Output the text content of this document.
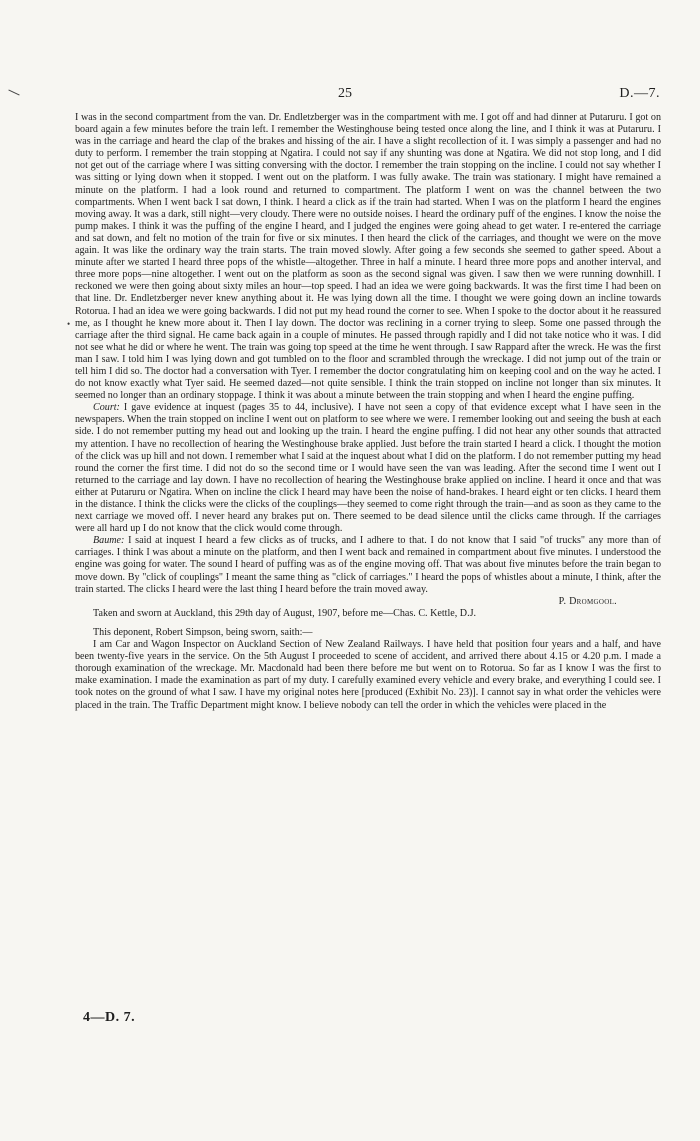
25	D.—7.
•

I was in the second compartment from the van. Dr. Endletzberger was in the compartment with me. I got off and had dinner at Putaruru. I got on board again a few minutes before the train left. I remember the Westinghouse being tested once along the line, and I think it was at Putaruru. I was in the carriage and heard the clap of the brakes and hissing of the air. I have a slight recollection of it. I was simply a passenger and had no duty to perform. I remember the train stopping at Ngatira. I could not say if any shunting was done at Ngatira. We did not stop long, and I did not get out of the carriage where I was sitting conversing with the doctor. I remember the train stopping on the incline. I could not say whether I was sitting or lying down when it stopped. I went out on the platform. I was fully awake. The train was stationary. I might have remained a minute on the platform. I had a look round and returned to compartment. The platform I went on was the channel between the two compartments. When I went back I sat down, I think. I heard a click as if the train had started. When I was on the platform I heard the engines moving away. It was a dark, still night—very cloudy. There were no outside noises. I heard the ordinary puff of the engines. I know the noise the pump makes. I think it was the puffing of the engine I heard, and I judged the engines were going ahead to get water. I re-entered the carriage and sat down, and felt no motion of the train for five or six minutes. I then heard the click of the carriages, and thought we were on the move again. It was like the ordinary way the train starts. The train moved slowly. After going a few seconds she seemed to gather speed. About a minute after we started I heard three pops of the whistle—altogether. Three in half a minute. I heard three more pops and another interval, and three more pops—nine altogether. I went out on the platform as soon as the second signal was given. I saw then we were running downhill. I reckoned we were then going about sixty miles an hour—top speed. I had an idea we were going backwards. It was the first time I had been on that line. Dr. Endletzberger never knew anything about it. He was lying down all the time. I thought we were going down an incline towards Rotorua. I had an idea we were going backwards. I did not put my head round the corner to see. When I spoke to the doctor about it he reassured me, as I thought he knew more about it. Then I lay down. The doctor was reclining in a corner trying to sleep. Some one passed through the carriage after the third signal. He came back again in a couple of minutes. He passed through rapidly and I did not take notice who it was. I did not see what he did or where he went. The train was going top speed at the time he went through. I saw Rappard after the wreck. He was the first man I saw. I told him I was lying down and got tumbled on to the floor and scrambled through the wreckage. I did not jump out of the train or tell him I did so. The doctor had a conversation with Tyer. I remember the doctor congratulating him on keeping cool and on the way he acted. I do not know exactly what Tyer said. He seemed dazed—not quite sensible. I think the train stopped on incline not longer than six minutes. It seemed no longer than an ordinary stoppage. I think it was about a minute between the train stopping and when I heard the engine puffing.

Court: I gave evidence at inquest (pages 35 to 44, inclusive). I have not seen a copy of that evidence except what I have seen in the newspapers. When the train stopped on incline I went out on platform to see where we were. I remember looking out and seeing the bush at each side. I do not remember putting my head out and looking up the train. I heard the engine puffing. I did not hear any other sounds that attracted my attention. I have no recollection of hearing the Westinghouse brake applied. Just before the train started I heard a click. I thought the motion of the click was up hill and not down. I remember what I said at the inquest about what I did on the platform. I do not remember putting my head round the corner the first time. I did not do so the second time or I would have seen the van was leading. After the second time I went out I returned to the carriage and lay down. I have no recollection of hearing the Westinghouse brake applied on incline. I heard it once and that was either at Putaruru or Ngatira. When on incline the click I heard may have been the noise of hand-brakes. I heard eight or ten clicks. I heard them in the distance. I think the clicks were the clicks of the couplings—they seemed to come right through the train—and as soon as they came to the next carriage we moved off. I never heard any brakes put on. There seemed to be dead silence until the clicks came through. If the carriages were all hard up I do not know that the click would come through.

Baume: I said at inquest I heard a few clicks as of trucks, and I adhere to that. I do not know that I said "of trucks" any more than of carriages. I think I was about a minute on the platform, and then I went back and remained in compartment about five minutes. I understood the engine was going for water. The sound I heard of puffing was as of the engine moving off. That was about five minutes before the train began to move down. By "click of couplings" I meant the same thing as "click of carriages." I heard the pops of whistles about a minute, I think, after the train started. The clicks I heard were the last thing I heard before the train moved away.

P. Dromgool.

Taken and sworn at Auckland, this 29th day of August, 1907, before me—Chas. C. Kettle, D.J.

This deponent, Robert Simpson, being sworn, saith:—

I am Car and Wagon Inspector on Auckland Section of New Zealand Railways. I have held that position four years and a half, and have been twenty-five years in the service. On the 5th August I proceeded to scene of accident, and arrived there about 4.15 or 4.20 p.m. I made a thorough examination of the wreckage. Mr. Macdonald had been there before me but went on to Rotorua. So far as I know I was the first to make examination. I made the examination as part of my duty. I carefully examined every vehicle and every brake, and everything I could see. I took notes on the ground of what I saw. I have my original notes here [produced (Exhibit No. 23)]. I cannot say in what order the vehicles were placed in the train. The Traffic Department might know. I believe nobody can tell the order in which the vehicles were placed in the

4—D. 7.
